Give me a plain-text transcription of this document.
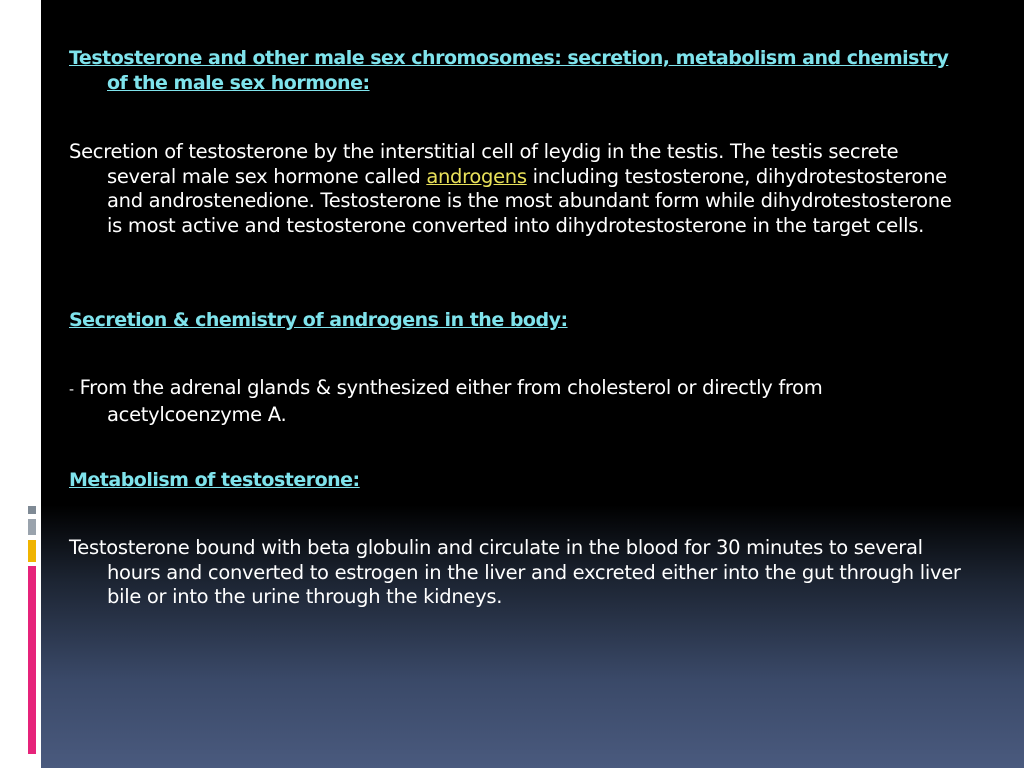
Testosterone and other male sex chromosomes: secretion, metabolism and chemistry of the male sex hormone:

Secretion of testosterone by the interstitial cell of leydig in the testis. The testis secrete several male sex hormone called androgens including testosterone, dihydrotestosterone and androstenedione. Testosterone is the most abundant form while dihydrotestosterone is most active and testosterone converted into dihydrotestosterone in the target cells.

Secretion & chemistry of androgens in the body:

- From the adrenal glands & synthesized either from cholesterol or directly from acetylcoenzyme A.

Metabolism of testosterone:

Testosterone bound with beta globulin and circulate in the blood for 30 minutes to several hours and converted to estrogen in the liver and excreted either into the gut through liver bile or into the urine through the kidneys.
